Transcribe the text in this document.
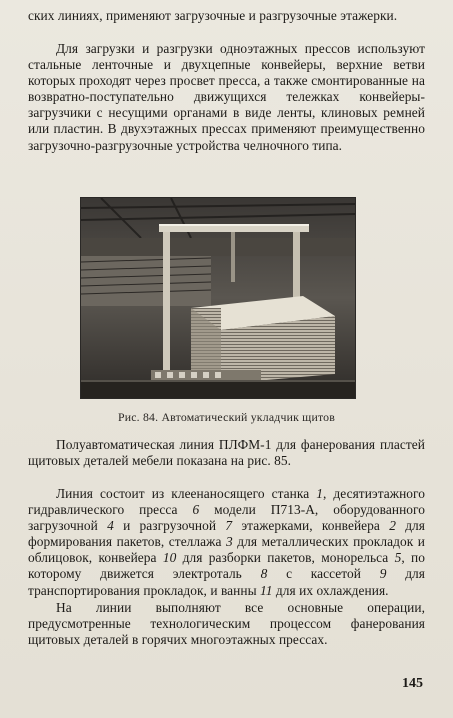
ских линиях, применяют загрузочные и разгрузочные этажерки.

Для загрузки и разгрузки одноэтажных прессов используют стальные ленточные и двухцепные конвейеры, верхние ветви которых проходят через просвет пресса, а также смонтированные на возвратно-поступательно движущихся тележках конвейеры-загрузчики с несущими органами в виде ленты, клиновых ремней или пластин. В двухэтажных прессах применяют преимущественно загрузочно-разгрузочные устройства челночного типа.

Рис. 84. Автоматический укладчик щитов

Полуавтоматическая линия ПЛФМ-1 для фанерования пластей щитовых деталей мебели показана на рис. 85.

Линия состоит из клеенаносящего станка 1, десятиэтажного гидравлического пресса 6 модели П713-А, оборудованного загрузочной 4 и разгрузочной 7 этажерками, конвейера 2 для формирования пакетов, стеллажа 3 для металлических прокладок и облицовок, конвейера 10 для разборки пакетов, монорельса 5, по которому движется электроталь 8 с кассетой 9 для транспортирования прокладок, и ванны 11 для их охлаждения.

На линии выполняют все основные операции, предусмотренные технологическим процессом фанерования щитовых деталей в горячих многоэтажных прессах.

145
